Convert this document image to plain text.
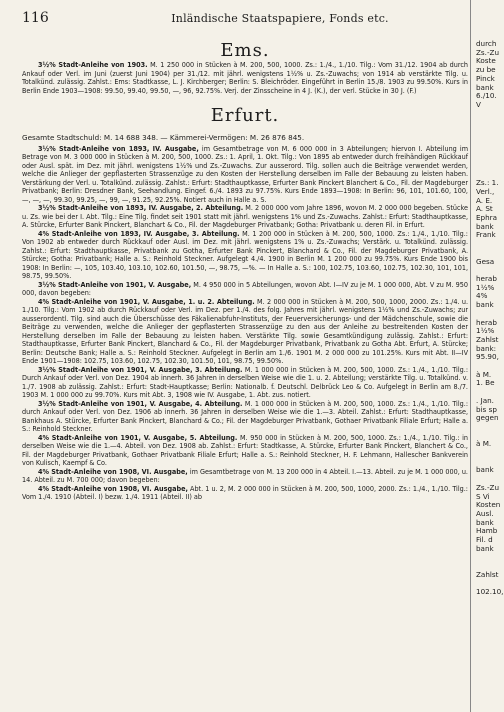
116	Inländische Staatspapiere, Fonds etc.
Ems.

3½% Stadt-Anleihe von 1903. M. 1 250 000 in Stücken à M. 200, 500, 1000. Zs.: 1./4., 1./10. Tilg.: Vom 31./12. 1904 ab durch Ankauf oder Verl. im Juni (zuerst Juni 1904) per 31./12. mit jährl. wenigstens 1½% u. Zs.-Zuwachs; von 1914 ab verstärkte Tilg. u. Totalkünd. zulässig. Zahlst.: Ems: Stadtkasse, L. J. Kirchberger; Berlin: S. Bleichröder. Eingeführt in Berlin 15./8. 1903 zu 99.50%. Kurs in Berlin Ende 1903—1908: 99.50, 99.40, 99.50, —, 96, 92.75%. Verj. der Zinsscheine in 4 J. (K.), der verl. Stücke in 30 J. (F.)

Erfurt.

Gesamte Stadtschuld: M. 14 688 348. — Kämmerei-Vermögen: M. 26 876 845.

3½% Stadt-Anleihe von 1893, IV. Ausgabe, im Gesamtbetrage von M. 6 000 000 in 3 Abteilungen; hiervon I. Abteilung im Betrage von M. 3 000 000 in Stücken à M. 200, 500, 1000. Zs.: 1. April, 1. Okt. Tilg.: Von 1895 ab entweder durch freihändigen Rückkauf oder Ausl. spät. im Dez. mit jährl. wenigstens 1½% und Zs.-Zuwachs. Zur ausserord. Tilg. sollen auch die Beiträge verwendet werden, welche die Anlieger der gepflasterten Strassenzüge zu den Kosten der Herstellung derselben im Falle der Bebauung zu leisten haben. Verstärkung der Verl. u. Totalkünd. zulässig. Zahlst.: Erfurt: Stadthauptkasse, Erfurter Bank Pinckert Blanchert & Co., Fil. der Magdeburger Privatbank; Berlin: Dresdner Bank, Seehandlung. Eingef. 6./4. 1893 zu 97.75%. Kurs Ende 1893—1908: In Berlin: 96, 101, 101.60, 100, —, —, —, 99.30, 99.25, —, 99, —, 91.25, 92.25%. Notiert auch in Halle a. S.

3½% Stadt-Anleihe von 1893, IV. Ausgabe, 2. Abteilung. M. 2 000 000 vom Jahre 1896, wovon M. 2 000 000 begeben. Stücke u. Zs. wie bei der I. Abt. Tilg.: Eine Tilg. findet seit 1901 statt mit jährl. wenigstens 1% und Zs.-Zuwachs. Zahlst.: Erfurt: Stadthauptkasse, A. Stürcke, Erfurter Bank Pinckert, Blanchart & Co., Fil. der Magdeburger Privatbank; Gotha: Privatbank u. deren Fil. in Erfurt.

4% Stadt-Anleihe von 1893, IV. Ausgabe, 3. Abteilung. M. 1 200 000 in Stücken à M. 200, 500, 1000. Zs.: 1./4., 1./10. Tilg.: Von 1902 ab entweder durch Rückkauf oder Ausl. im Dez. mit jährl. wenigstens 1% u. Zs.-Zuwachs; Verstärk. u. Totalkünd. zulässig. Zahlst.: Erfurt: Stadthauptkasse, Privatbank zu Gotha, Erfurter Bank Pinckert, Blanchard & Co., Fil. der Magdeburger Privatbank, A. Stürcke; Gotha: Privatbank; Halle a. S.: Reinhold Steckner. Aufgelegt 4./4. 1900 in Berlin M. 1 200 000 zu 99.75%. Kurs Ende 1900 bis 1908: In Berlin: —, 105, 103.40, 103.10, 102.60, 101.50, —, 98.75, —%. — In Halle a. S.: 100, 102.75, 103.60, 102.75, 102.30, 101, 101, 98.75, 99.50%.

3½% Stadt-Anleihe von 1901, V. Ausgabe, M. 4 950 000 in 5 Abteilungen, wovon Abt. I—IV zu je M. 1 000 000, Abt. V zu M. 950 000, davon begeben:

4% Stadt-Anleihe von 1901, V. Ausgabe, 1. u. 2. Abteilung. M. 2 000 000 in Stücken à M. 200, 500, 1000, 2000. Zs.: 1./4. u. 1./10. Tilg.: Vom 1902 ab durch Rückkauf oder Verl. im Dez. per 1./4. des folg. Jahres mit jährl. wenigstens 1½% und Zs.-Zuwachs; zur ausserordentl. Tilg. sind auch die Überschüsse des Fäkalienabfuhr-Instituts, der Feuerversicherungs- und der Mädchenschule, sowie die Beiträge zu verwenden, welche die Anlieger der gepflasterten Strassenzüge zu den aus der Anleihe zu bestreitenden Kosten der Herstellung derselben im Falle der Bebauung zu leisten haben. Verstärkte Tilg. sowie Gesamtkündigung zulässig. Zahlst.: Erfurt: Stadthauptkasse, Erfurter Bank Pinckert, Blanchard & Co., Fil. der Magdeburger Privatbank, Privatbank zu Gotha Abt. Erfurt, A. Stürcke; Berlin: Deutsche Bank; Halle a. S.: Reinhold Steckner. Aufgelegt in Berlin am 1./6. 1901 M. 2 000 000 zu 101.25%. Kurs mit Abt. II—IV Ende 1901—1908: 102.75, 103.60, 102.75, 102.30, 101.50, 101, 98.75, 99.50%.

3½% Stadt-Anleihe von 1901, V. Ausgabe, 3. Abteilung. M. 1 000 000 in Stücken à M. 200, 500, 1000. Zs.: 1./4., 1./10. Tilg.: Durch Ankauf oder Verl. von Dez. 1904 ab innerh. 36 Jahren in derselben Weise wie die 1. u. 2. Abteilung; verstärkte Tilg. u. Totalkünd. v. 1./7. 1908 ab zulässig. Zahlst.: Erfurt: Stadt-Hauptkasse; Berlin: Nationalb. f. Deutschl. Delbrück Leo & Co. Aufgelegt in Berlin am 8./7. 1903 M. 1 000 000 zu 99.70%. Kurs mit Abt. 3, 1908 wie IV. Ausgabe, 1. Abt. zus. notiert.

3½% Stadt-Anleihe von 1901, V. Ausgabe, 4. Abteilung. M. 1 000 000 in Stücken à M. 200, 500, 1000. Zs.: 1./4., 1./10. Tilg.: durch Ankauf oder Verl. von Dez. 1906 ab innerh. 36 Jahren in derselben Weise wie die 1.—3. Abteil. Zahlst.: Erfurt: Stadthauptkasse, Bankhaus A. Stürcke, Erfurter Bank Pinckert, Blanchard & Co.; Fil. der Magdeburger Privatbank, Gothaer Privatbank Filiale Erfurt; Halle a. S.: Reinhold Steckner.

4% Stadt-Anleihe von 1901, V. Ausgabe, 5. Abteilung. M. 950 000 in Stücken à M. 200, 500, 1000. Zs.: 1./4., 1./10. Tilg.: in derselben Weise wie die 1.—4. Abteil. von Dez. 1908 ab. Zahlst.: Erfurt: Stadtkasse, A. Stürcke, Erfurter Bank Pinckert, Blanchert & Co., Fil. der Magdeburger Privatbank, Gothaer Privatbank Filiale Erfurt; Halle a. S.: Reinhold Steckner, H. F. Lehmann, Hallescher Bankverein von Kulisch, Kaempf & Co.

4% Stadt-Anleihe von 1908, VI. Ausgabe, im Gesamtbetrage von M. 13 200 000 in 4 Abteil. I.—13. Abteil. zu je M. 1 000 000, u. 14. Abteil. zu M. 700 000; davon begeben:

4% Stadt-Anleihe von 1908, VI. Ausgabe, Abt. 1 u. 2, M. 2 000 000 in Stücken à M. 200, 500, 1000, 2000. Zs.: 1./4., 1./10. Tilg.: Vom 1./4. 1910 (Abteil. I) bezw. 1./4. 1911 (Abteil. II) ab

durch
Zs.-Zu
Koste
zu be
Pinck
bank
6./10.
V

Zs.: 1.
Verl.,
A. E.
A. St
Ephra
bank
Frank

Gesa

herab
1½%
4%
bank

herab
1½%
Zahlst
bank:
95.90,

à M.
1. Be

. Jan.
bis sp
gegen

à M.

bank

Zs.-Zu
S Vi
Kosten
Ausl.
bank
Hamb
Fil. d
bank

Zahlst

102.10,
